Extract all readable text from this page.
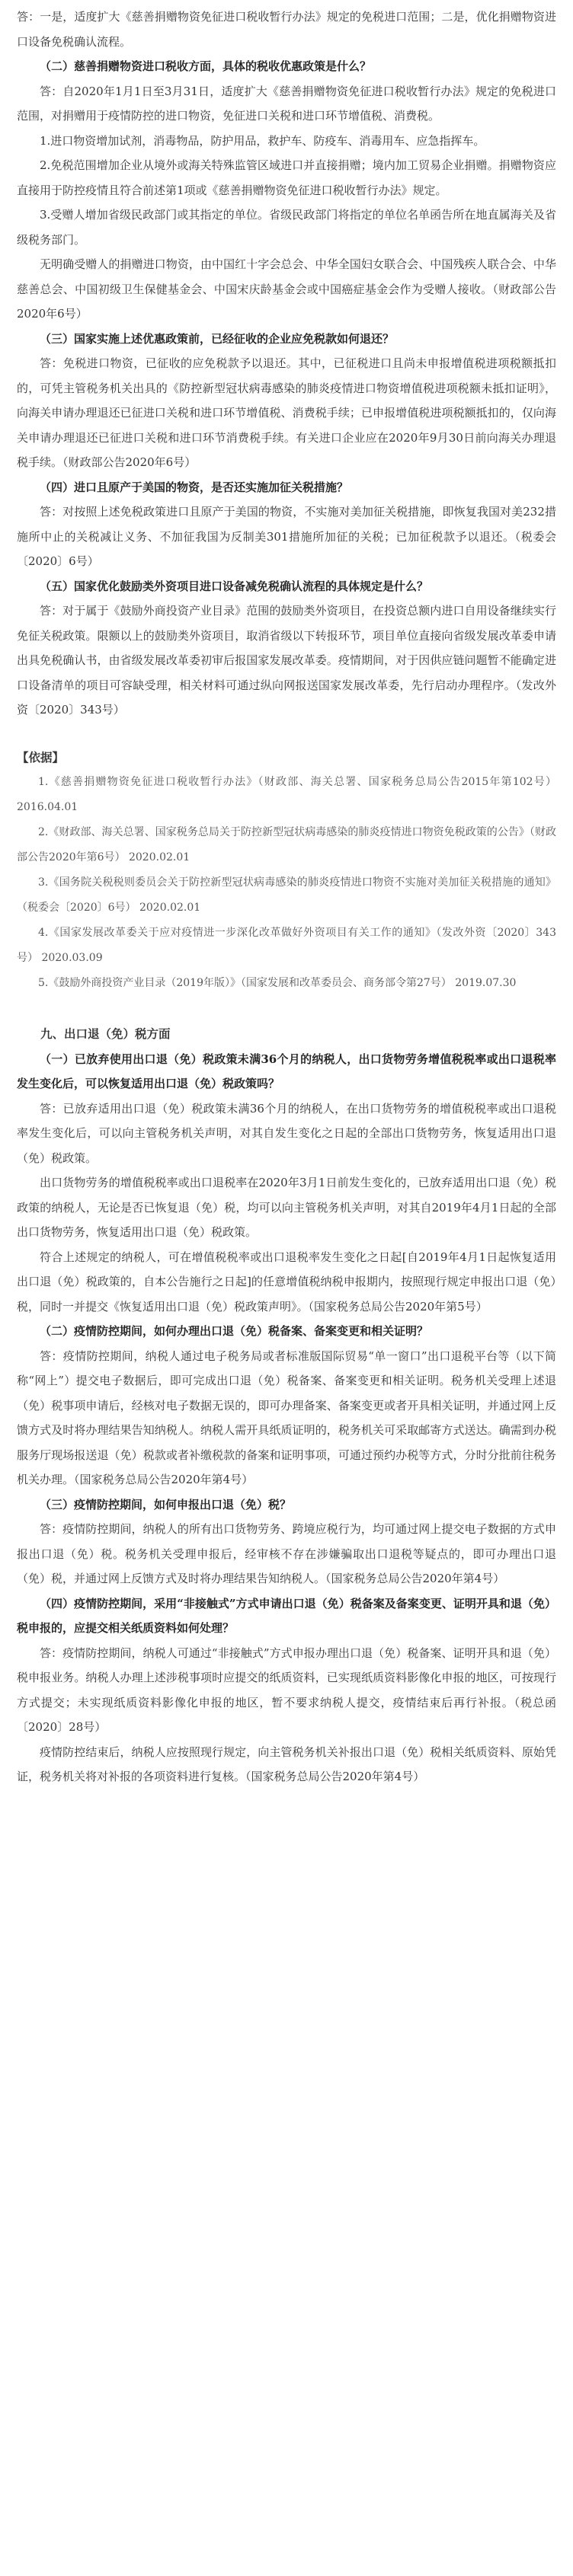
答：一是，适度扩大《慈善捐赠物资免征进口税收暂行办法》规定的免税进口范围；二是，优化捐赠物资进口设备免税确认流程。

（二）慈善捐赠物资进口税收方面，具体的税收优惠政策是什么？

答：自2020年1月1日至3月31日，适度扩大《慈善捐赠物资免征进口税收暂行办法》规定的免税进口范围，对捐赠用于疫情防控的进口物资，免征进口关税和进口环节增值税、消费税。

1.进口物资增加试剂，消毒物品，防护用品，救护车、防疫车、消毒用车、应急指挥车。

2.免税范围增加企业从境外或海关特殊监管区域进口并直接捐赠；境内加工贸易企业捐赠。捐赠物资应直接用于防控疫情且符合前述第1项或《慈善捐赠物资免征进口税收暂行办法》规定。

3.受赠人增加省级民政部门或其指定的单位。省级民政部门将指定的单位名单函告所在地直属海关及省级税务部门。

无明确受赠人的捐赠进口物资，由中国红十字会总会、中华全国妇女联合会、中国残疾人联合会、中华慈善总会、中国初级卫生保健基金会、中国宋庆龄基金会或中国癌症基金会作为受赠人接收。（财政部公告2020年6号）

（三）国家实施上述优惠政策前，已经征收的企业应免税款如何退还？

答：免税进口物资，已征收的应免税款予以退还。其中，已征税进口且尚未申报增值税进项税额抵扣的，可凭主管税务机关出具的《防控新型冠状病毒感染的肺炎疫情进口物资增值税进项税额未抵扣证明》，向海关申请办理退还已征进口关税和进口环节增值税、消费税手续；已申报增值税进项税额抵扣的，仅向海关申请办理退还已征进口关税和进口环节消费税手续。有关进口企业应在2020年9月30日前向海关办理退税手续。（财政部公告2020年6号）

（四）进口且原产于美国的物资，是否还实施加征关税措施？

答：对按照上述免税政策进口且原产于美国的物资，不实施对美加征关税措施，即恢复我国对美232措施所中止的关税减让义务、不加征我国为反制美301措施所加征的关税；已加征税款予以退还。（税委会〔2020〕6号）

（五）国家优化鼓励类外资项目进口设备减免税确认流程的具体规定是什么？

答：对于属于《鼓励外商投资产业目录》范围的鼓励类外资项目，在投资总额内进口自用设备继续实行免征关税政策。限额以上的鼓励类外资项目，取消省级以下转报环节，项目单位直接向省级发展改革委申请出具免税确认书，由省级发展改革委初审后报国家发展改革委。疫情期间，对于因供应链问题暂不能确定进口设备清单的项目可容缺受理，相关材料可通过纵向网报送国家发展改革委，先行启动办理程序。（发改外资〔2020〕343号）

【依据】

1.《慈善捐赠物资免征进口税收暂行办法》（财政部、海关总署、国家税务总局公告2015年第102号） 2016.04.01

2.《财政部、海关总署、国家税务总局关于防控新型冠状病毒感染的肺炎疫情进口物资免税政策的公告》（财政部公告2020年第6号） 2020.02.01

3.《国务院关税税则委员会关于防控新型冠状病毒感染的肺炎疫情进口物资不实施对美加征关税措施的通知》（税委会〔2020〕6号） 2020.02.01

4.《国家发展改革委关于应对疫情进一步深化改革做好外资项目有关工作的通知》（发改外资〔2020〕343号） 2020.03.09

5.《鼓励外商投资产业目录（2019年版）》（国家发展和改革委员会、商务部令第27号） 2019.07.30

九、出口退（免）税方面

（一）已放弃使用出口退（免）税政策未满36个月的纳税人，出口货物劳务增值税税率或出口退税率发生变化后，可以恢复适用出口退（免）税政策吗？

答：已放弃适用出口退（免）税政策未满36个月的纳税人，在出口货物劳务的增值税税率或出口退税率发生变化后，可以向主管税务机关声明，对其自发生变化之日起的全部出口货物劳务，恢复适用出口退（免）税政策。

出口货物劳务的增值税税率或出口退税率在2020年3月1日前发生变化的，已放弃适用出口退（免）税政策的纳税人，无论是否已恢复退（免）税，均可以向主管税务机关声明，对其自2019年4月1日起的全部出口货物劳务，恢复适用出口退（免）税政策。

符合上述规定的纳税人，可在增值税税率或出口退税率发生变化之日起[自2019年4月1日起恢复适用出口退（免）税政策的，自本公告施行之日起]的任意增值税纳税申报期内，按照现行规定申报出口退（免）税，同时一并提交《恢复适用出口退（免）税政策声明》。（国家税务总局公告2020年第5号）

（二）疫情防控期间，如何办理出口退（免）税备案、备案变更和相关证明？

答：疫情防控期间，纳税人通过电子税务局或者标准版国际贸易“单一窗口”出口退税平台等（以下简称“网上”）提交电子数据后，即可完成出口退（免）税备案、备案变更和相关证明。税务机关受理上述退（免）税事项申请后，经核对电子数据无误的，即可办理备案、备案变更或者开具相关证明，并通过网上反馈方式及时将办理结果告知纳税人。纳税人需开具纸质证明的，税务机关可采取邮寄方式送达。确需到办税服务厅现场报送退（免）税款或者补缴税款的备案和证明事项，可通过预约办税等方式，分时分批前往税务机关办理。（国家税务总局公告2020年第4号）

（三）疫情防控期间，如何申报出口退（免）税？

答：疫情防控期间，纳税人的所有出口货物劳务、跨境应税行为，均可通过网上提交电子数据的方式申报出口退（免）税。税务机关受理申报后，经审核不存在涉嫌骗取出口退税等疑点的，即可办理出口退（免）税，并通过网上反馈方式及时将办理结果告知纳税人。（国家税务总局公告2020年第4号）

（四）疫情防控期间，采用“非接触式”方式申请出口退（免）税备案及备案变更、证明开具和退（免）税申报的，应提交相关纸质资料如何处理？

答：疫情防控期间，纳税人可通过“非接触式”方式申报办理出口退（免）税备案、证明开具和退（免）税申报业务。纳税人办理上述涉税事项时应提交的纸质资料，已实现纸质资料影像化申报的地区，可按现行方式提交；未实现纸质资料影像化申报的地区，暂不要求纳税人提交，疫情结束后再行补报。（税总函〔2020〕28号）

疫情防控结束后，纳税人应按照现行规定，向主管税务机关补报出口退（免）税相关纸质资料、原始凭证，税务机关将对补报的各项资料进行复核。（国家税务总局公告2020年第4号）
